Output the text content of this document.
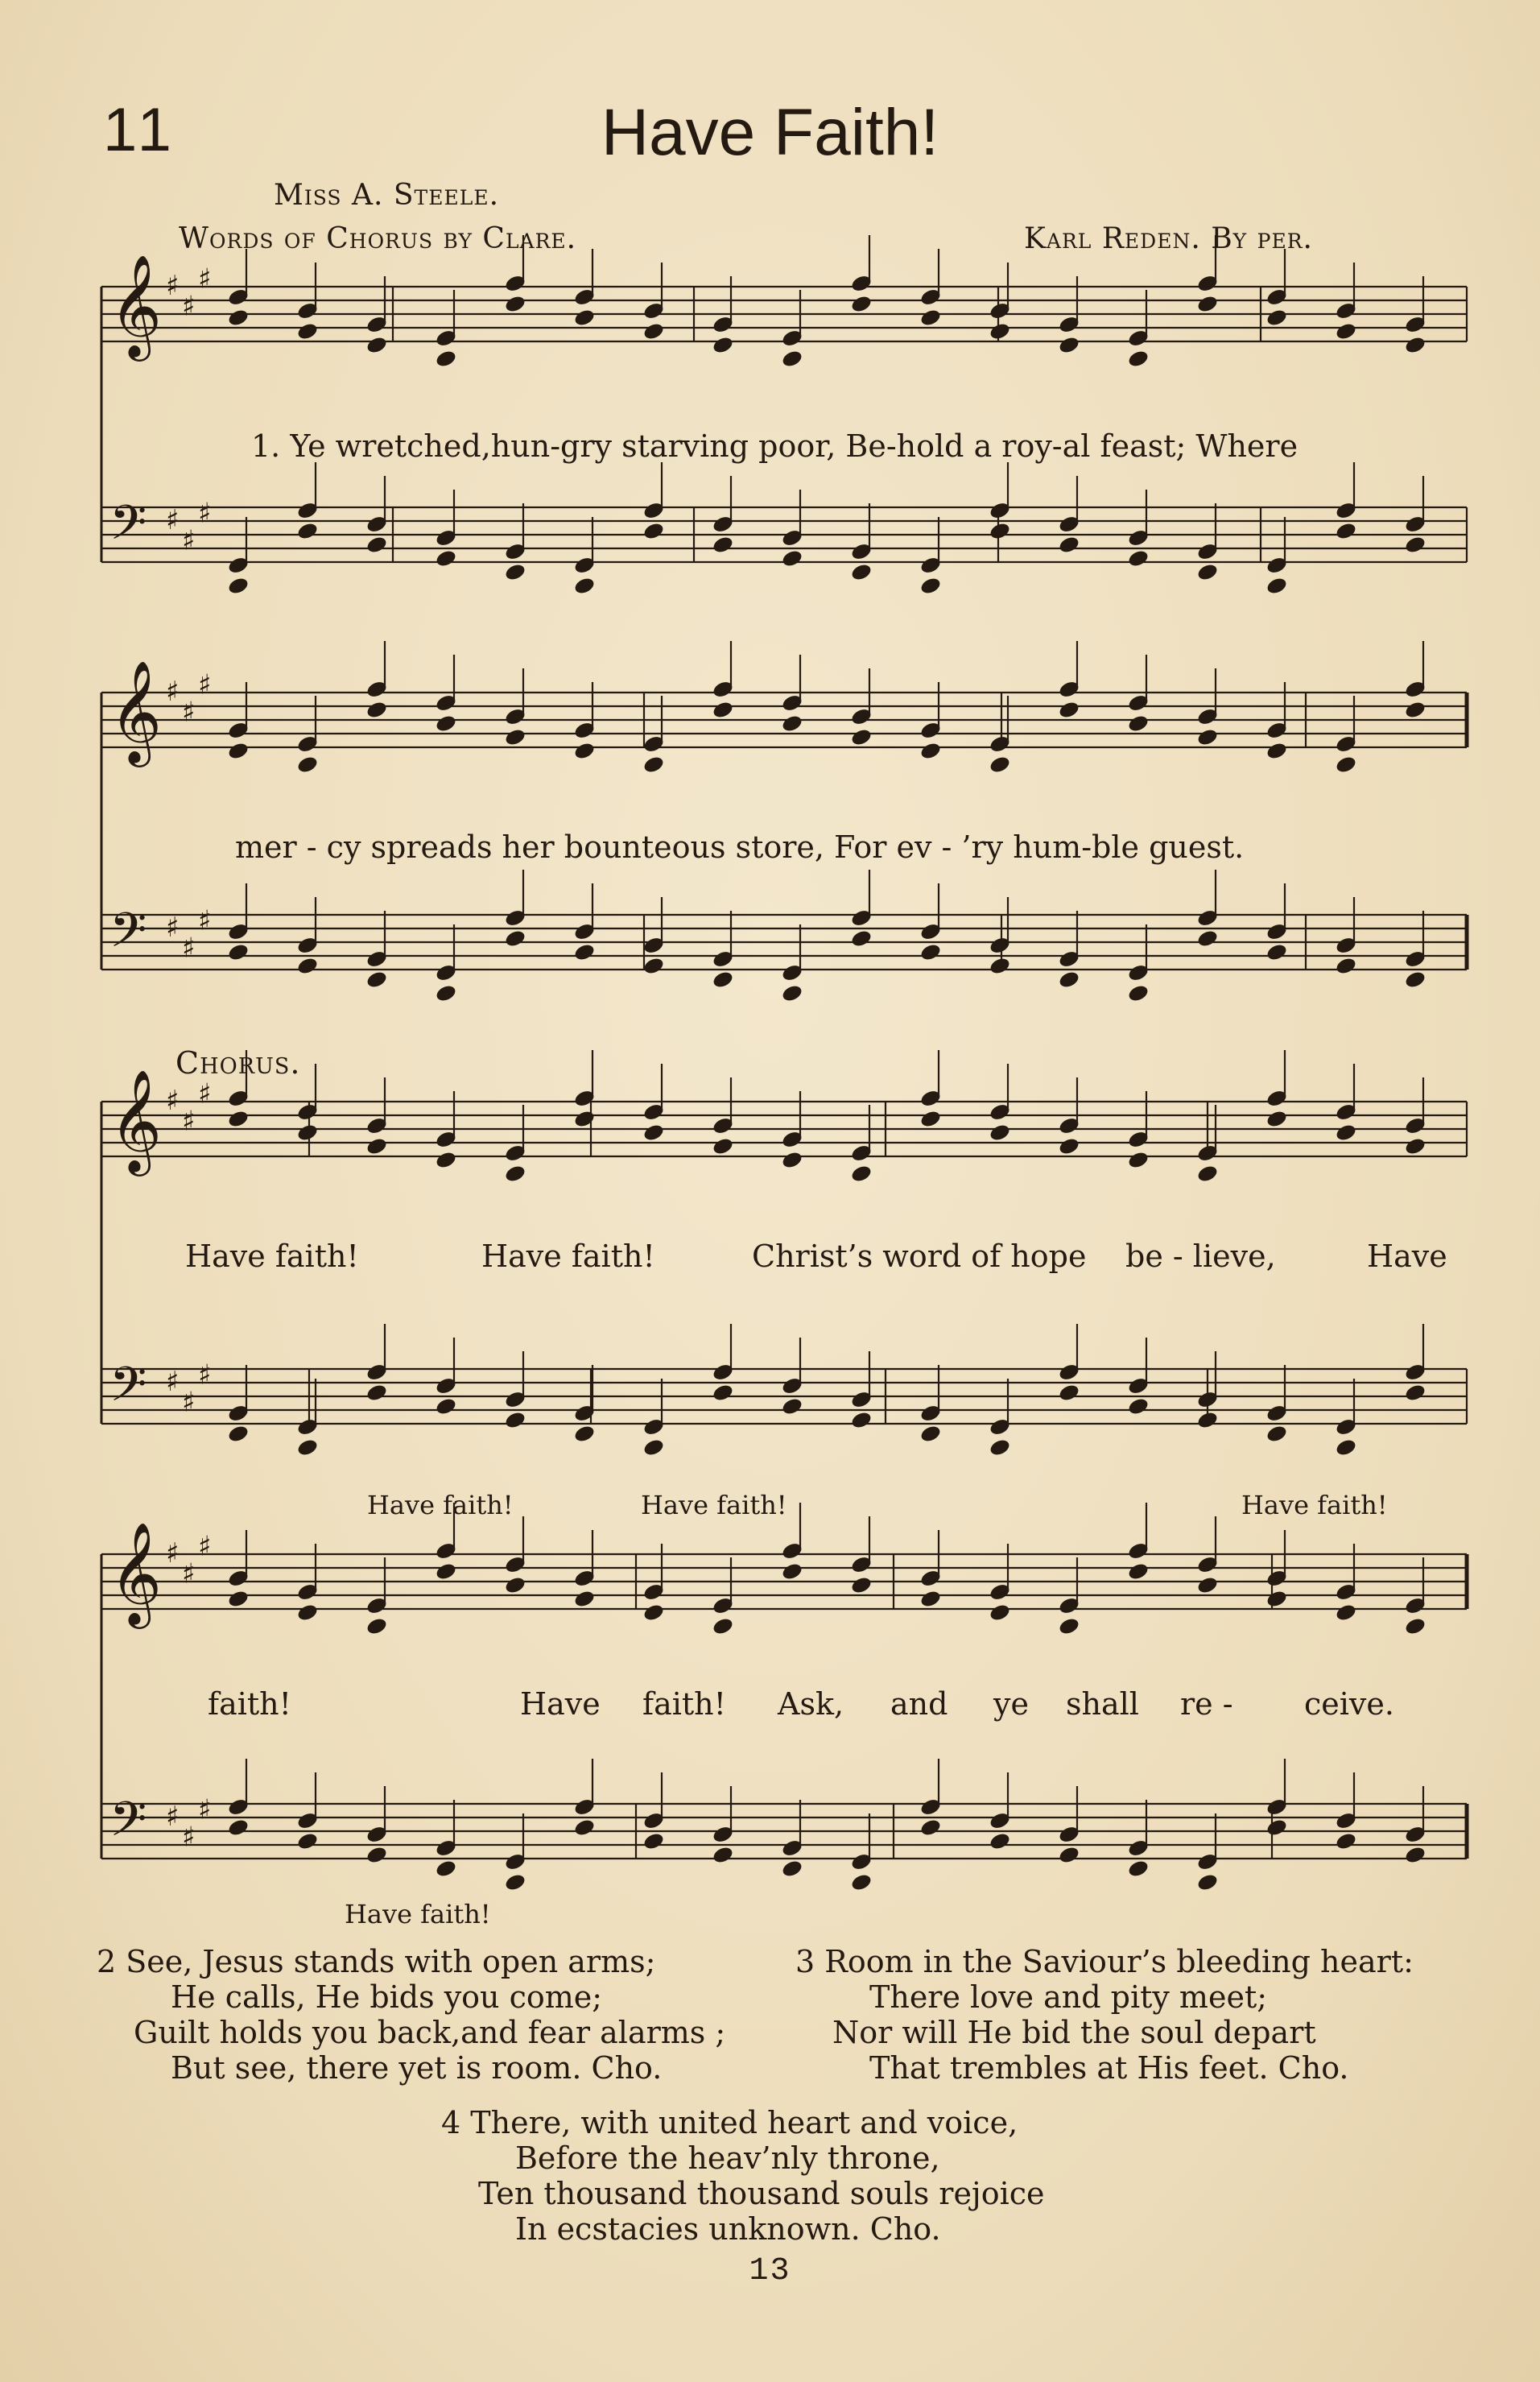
11	Have Faith!
Miss A. Steele.
Words of Chorus by Clare.	Karl Reden. By per.
𝄞 ♯
♯
♯
𝄢 ♯
♯
♯
𝄞 ♯
♯
♯
𝄢 ♯
♯
♯
𝄞 ♯
♯
♯
𝄢 ♯
♯
♯
𝄞 ♯
♯
♯
𝄢 ♯
♯
♯
1. Ye wretched,hun-gry starving poor, Be-hold a roy-al feast; Where
mer - cy spreads her bounteous store, For ev - ’ry hum-ble guest.
Chorus.
Have faith!	Have faith!	Christ’s word of hope be - lieve,	Have
Have faith!	Have faith!	Have faith!
faith!	Have faith! Ask, and ye shall re - ceive.
Have faith!
2 See, Jesus stands with open arms;
He calls, He bids you come;
Guilt holds you back,and fear alarms ;
But see, there yet is room. Cho.
3 Room in the Saviour’s bleeding heart:
There love and pity meet;
Nor will He bid the soul depart
That trembles at His feet. Cho.
4 There, with united heart and voice,
Before the heav’nly throne,
Ten thousand thousand souls rejoice
In ecstacies unknown. Cho.
13
